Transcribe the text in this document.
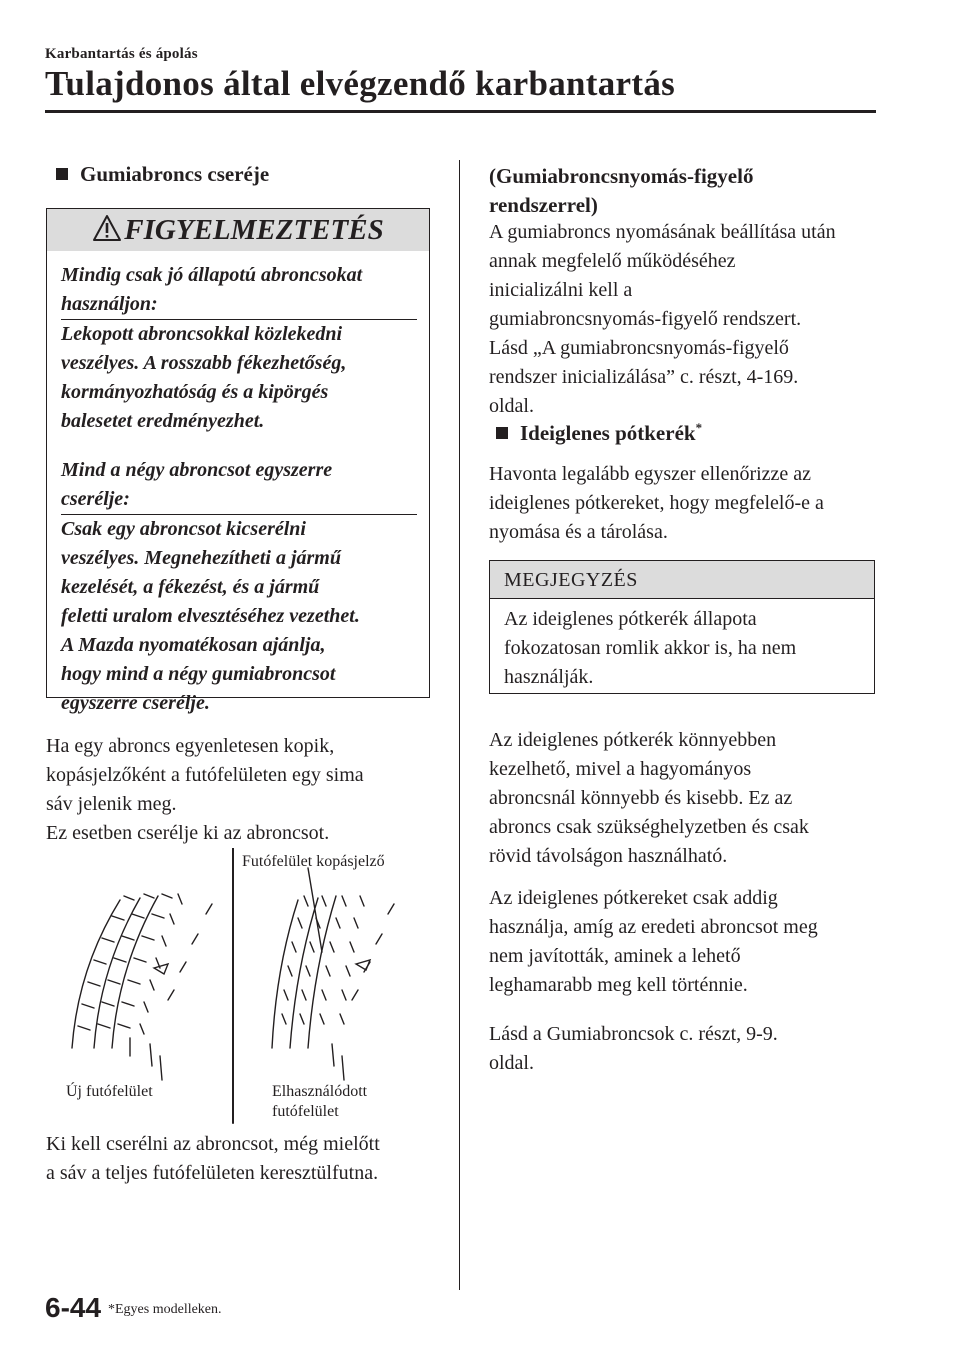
Karbantartás és ápolás
Tulajdonos által elvégzendő karbantartás
Gumiabroncs cseréje
FIGYELMEZTETÉS
Mindig csak jó állapotú abroncsokat
használjon:

Lekopott abroncsokkal közlekedni
veszélyes. A rosszabb fékezhetőség,
kormányozhatóság és a kipörgés
balesetet eredményezhet.

Mind a négy abroncsot egyszerre
cserélje:

Csak egy abroncsot kicserélni
veszélyes. Megnehezítheti a jármű
kezelését, a fékezést, és a jármű
feletti uralom elvesztéséhez vezethet.
A Mazda nyomatékosan ajánlja,
hogy mind a négy gumiabroncsot
egyszerre cserélje.

Ha egy abroncs egyenletesen kopik,
kopásjelzőként a futófelületen egy sima
sáv jelenik meg.
Ez esetben cserélje ki az abroncsot.

Futófelület kopásjelző
Új futófelület	Elhasználódott
futófelület

Ki kell cserélni az abroncsot, még mielőtt
a sáv a teljes futófelületen keresztülfutna.

(Gumiabroncsnyomás-figyelő
rendszerrel)

A gumiabroncs nyomásának beállítása után
annak megfelelő működéséhez
inicializálni kell a
gumiabroncsnyomás-figyelő rendszert.
Lásd „A gumiabroncsnyomás-figyelő
rendszer inicializálása” c. részt, 4-169.
oldal.

Ideiglenes pótkerék*

Havonta legalább egyszer ellenőrizze az
ideiglenes pótkereket, hogy megfelelő-e a
nyomása és a tárolása.

MEGJEGYZÉS
Az ideiglenes pótkerék állapota
fokozatosan romlik akkor is, ha nem
használják.

Az ideiglenes pótkerék könnyebben
kezelhető, mivel a hagyományos
abroncsnál könnyebb és kisebb. Ez az
abroncs csak szükséghelyzetben és csak
rövid távolságon használható.

Az ideiglenes pótkereket csak addig
használja, amíg az eredeti abroncsot meg
nem javították, aminek a lehető
leghamarabb meg kell történnie.

Lásd a Gumiabroncsok c. részt, 9-9.
oldal.

6-44 *Egyes modelleken.
